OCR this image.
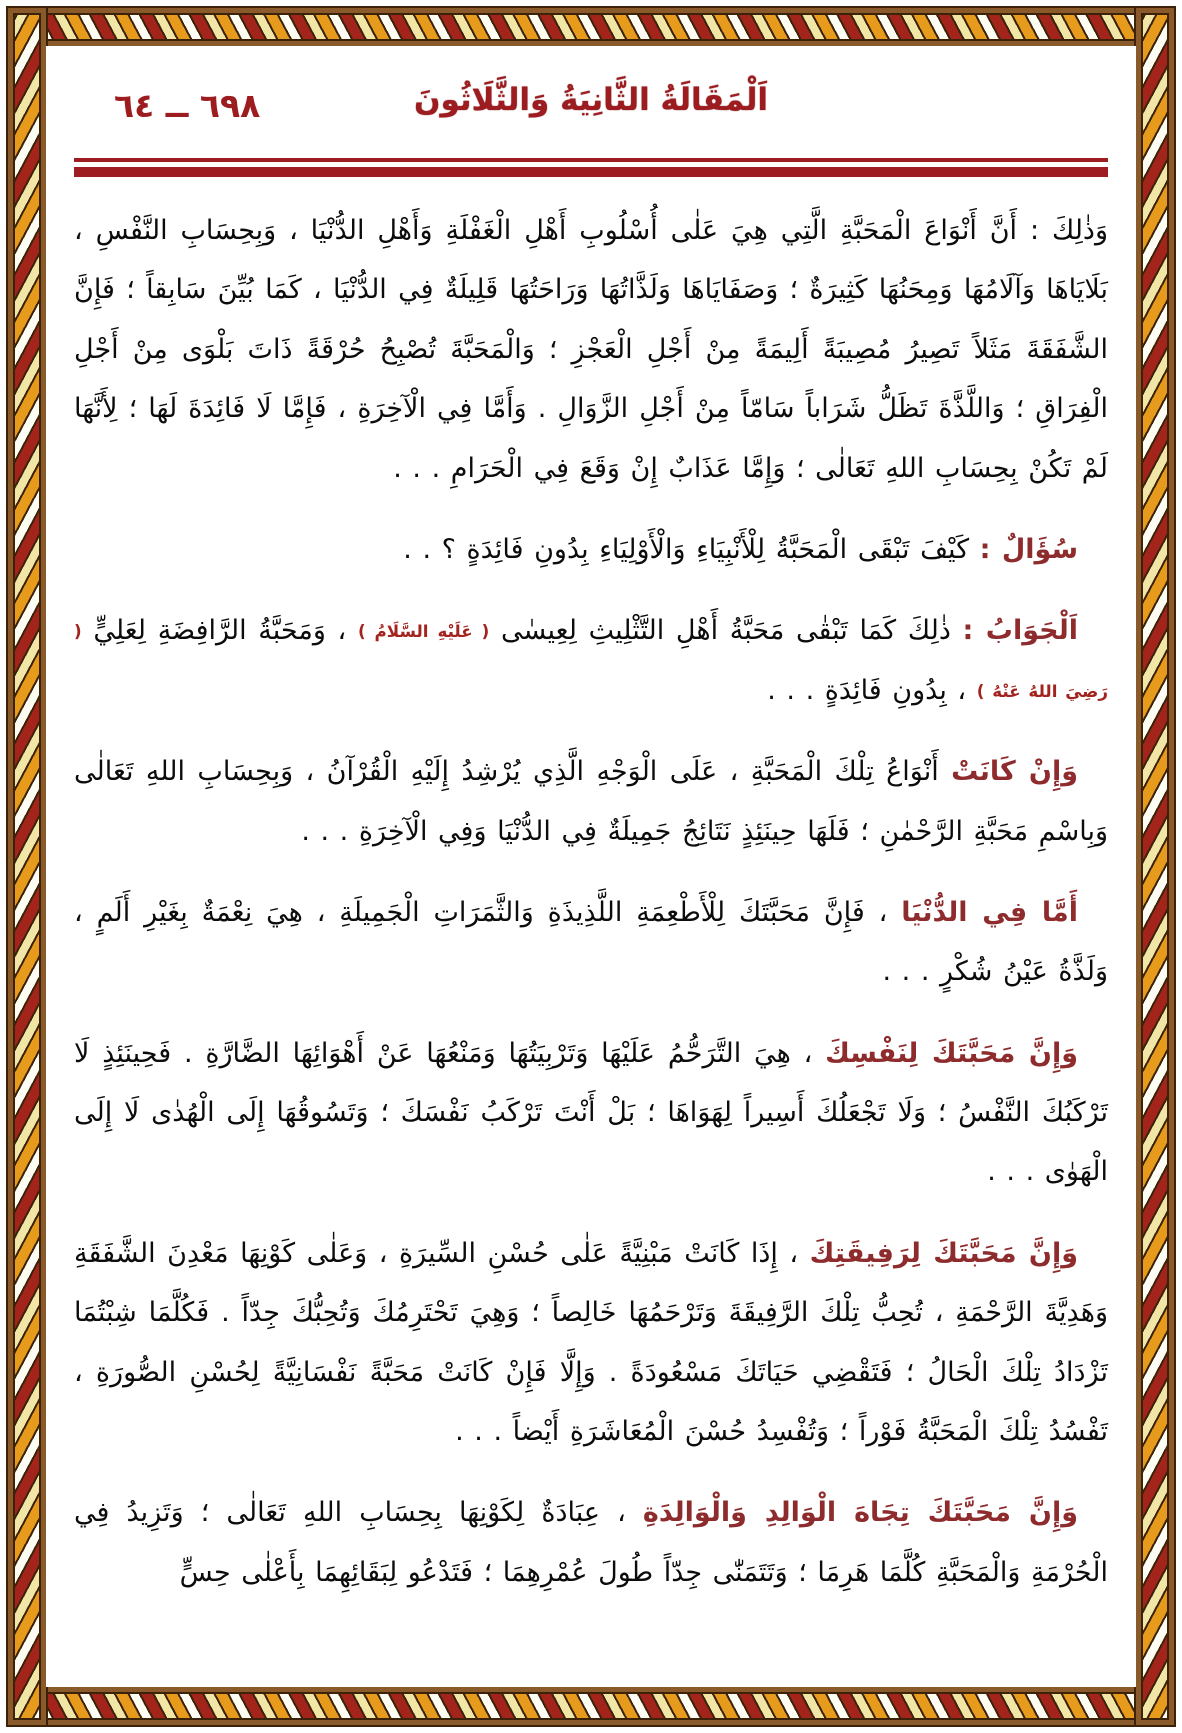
٦٩٨ ــ ٦٤	اَلْمَقَالَةُ الثَّانِيَةُ وَالثَّلَاثُونَ
وَذٰلِكَ : أَنَّ أَنْوَاعَ الْمَحَبَّةِ الَّتِي هِيَ عَلٰى أُسْلُوبِ أَهْلِ الْغَفْلَةِ وَأَهْلِ الدُّنْيَا ، وَبِحِسَابِ النَّفْسِ ، بَلَايَاهَا وَآلَامُهَا وَمِحَنُهَا كَثِيرَةٌ ؛ وَصَفَايَاهَا وَلَذَّاتُهَا وَرَاحَتُهَا قَلِيلَةٌ فِي الدُّنْيَا ، كَمَا بُيِّنَ سَابِقاً ؛ فَإِنَّ الشَّفَقَةَ مَثَلاً تَصِيرُ مُصِيبَةً أَلِيمَةً مِنْ أَجْلِ الْعَجْزِ ؛ وَالْمَحَبَّةَ تُصْبِحُ حُرْقَةً ذَاتَ بَلْوَى مِنْ أَجْلِ الْفِرَاقِ ؛ وَاللَّذَّةَ تَظَلُّ شَرَاباً سَامّاً مِنْ أَجْلِ الزَّوَالِ . وَأَمَّا فِي الْآخِرَةِ ، فَإِمَّا لَا فَائِدَةَ لَهَا ؛ لِأَنَّهَا لَمْ تَكُنْ بِحِسَابِ اللهِ تَعَالٰى ؛ وَإِمَّا عَذَابٌ إِنْ وَقَعَ فِي الْحَرَامِ . . .
سُؤَالٌ : كَيْفَ تَبْقَى الْمَحَبَّةُ لِلْأَنْبِيَاءِ وَالْأَوْلِيَاءِ بِدُونِ فَائِدَةٍ ؟ . .
اَلْجَوَابُ : ذٰلِكَ كَمَا تَبْقٰى مَحَبَّةُ أَهْلِ التَّثْلِيثِ لِعِيسٰى ( عَلَيْهِ السَّلَامُ ) ، وَمَحَبَّةُ الرَّافِضَةِ لِعَلِيٍّ ( رَضِيَ اللهُ عَنْهُ ) ، بِدُونِ فَائِدَةٍ . . .
وَإِنْ كَانَتْ أَنْوَاعُ تِلْكَ الْمَحَبَّةِ ، عَلَى الْوَجْهِ الَّذِي يُرْشِدُ إِلَيْهِ الْقُرْآنُ ، وَبِحِسَابِ اللهِ تَعَالٰى وَبِاسْمِ مَحَبَّةِ الرَّحْمٰنِ ؛ فَلَهَا حِينَئِذٍ نَتَائِجُ جَمِيلَةٌ فِي الدُّنْيَا وَفِي الْآخِرَةِ . . .
أَمَّا فِي الدُّنْيَا ، فَإِنَّ مَحَبَّتَكَ لِلْأَطْعِمَةِ اللَّذِيذَةِ وَالثَّمَرَاتِ الْجَمِيلَةِ ، هِيَ نِعْمَةٌ بِغَيْرِ أَلَمٍ ، وَلَذَّةُ عَيْنُ شُكْرٍ . . .
وَإِنَّ مَحَبَّتَكَ لِنَفْسِكَ ، هِيَ التَّرَحُّمُ عَلَيْهَا وَتَرْبِيَتُهَا وَمَنْعُهَا عَنْ أَهْوَائِهَا الضَّارَّةِ . فَحِينَئِذٍ لَا تَرْكَبُكَ النَّفْسُ ؛ وَلَا تَجْعَلُكَ أَسِيراً لِهَوَاهَا ؛ بَلْ أَنْتَ تَرْكَبُ نَفْسَكَ ؛ وَتَسُوقُهَا إِلَى الْهُدٰى لَا إِلَى الْهَوٰى . . .
وَإِنَّ مَحَبَّتَكَ لِرَفِيقَتِكَ ، إِذَا كَانَتْ مَبْنِيَّةً عَلٰى حُسْنِ السِّيرَةِ ، وَعَلٰى كَوْنِهَا مَعْدِنَ الشَّفَقَةِ وَهَدِيَّةَ الرَّحْمَةِ ، تُحِبُّ تِلْكَ الرَّفِيقَةَ وَتَرْحَمُهَا خَالِصاً ؛ وَهِيَ تَحْتَرِمُكَ وَتُحِبُّكَ جِدّاً . فَكُلَّمَا شِبْتُمَا تَزْدَادُ تِلْكَ الْحَالُ ؛ فَتَقْضِي حَيَاتَكَ مَسْعُودَةً . وَإِلَّا فَإِنْ كَانَتْ مَحَبَّةً نَفْسَانِيَّةً لِحُسْنِ الصُّورَةِ ، تَفْسُدُ تِلْكَ الْمَحَبَّةُ فَوْراً ؛ وَتُفْسِدُ حُسْنَ الْمُعَاشَرَةِ أَيْضاً . . .
وَإِنَّ مَحَبَّتَكَ تِجَاهَ الْوَالِدِ وَالْوَالِدَةِ ، عِبَادَةٌ لِكَوْنِهَا بِحِسَابِ اللهِ تَعَالٰى ؛ وَتَزِيدُ فِي الْحُرْمَةِ وَالْمَحَبَّةِ كُلَّمَا هَرِمَا ؛ وَتَتَمَنّٰى جِدّاً طُولَ عُمْرِهِمَا ؛ فَتَدْعُو لِبَقَائِهِمَا بِأَعْلٰى حِسٍّ
